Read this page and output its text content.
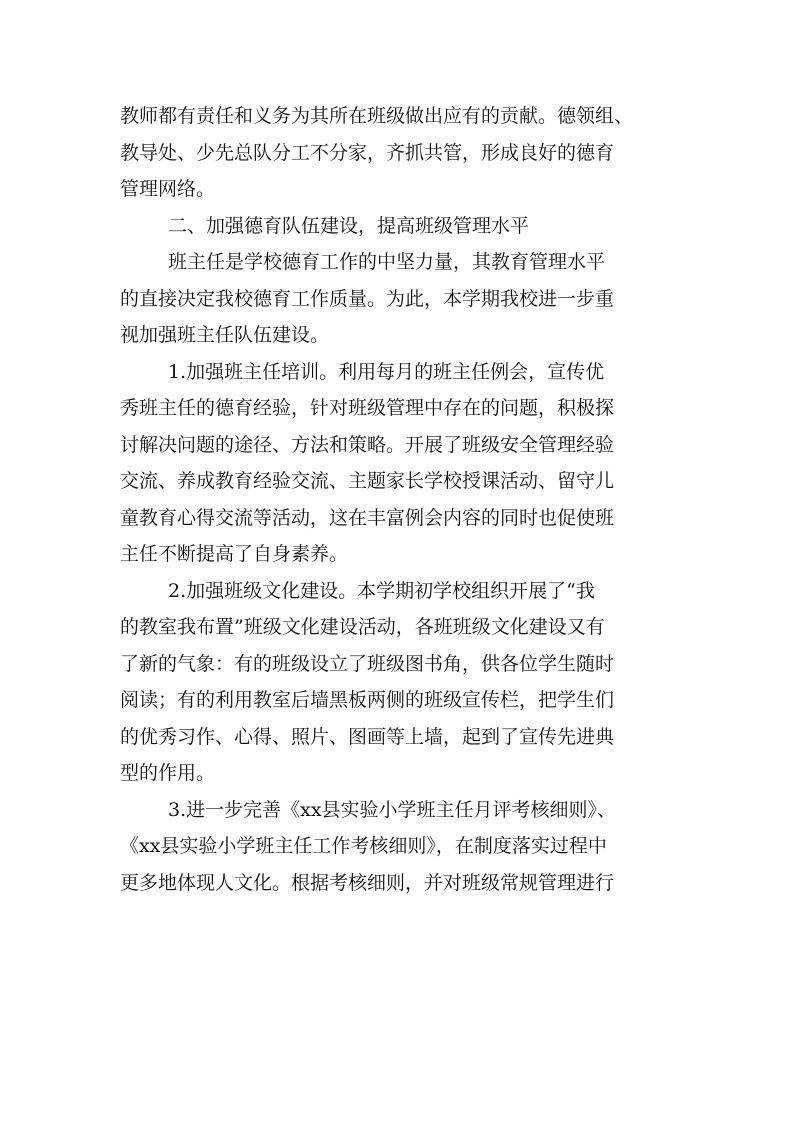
教师都有责任和义务为其所在班级做出应有的贡献。德领组、
教导处、少先总队分工不分家，齐抓共管，形成良好的德育
管理网络。
二、加强德育队伍建设，提高班级管理水平
班主任是学校德育工作的中坚力量，其教育管理水平
的直接决定我校德育工作质量。为此，本学期我校进一步重
视加强班主任队伍建设。
1.加强班主任培训。利用每月的班主任例会，宣传优
秀班主任的德育经验，针对班级管理中存在的问题，积极探
讨解决问题的途径、方法和策略。开展了班级安全管理经验
交流、养成教育经验交流、主题家长学校授课活动、留守儿
童教育心得交流等活动，这在丰富例会内容的同时也促使班
主任不断提高了自身素养。
2.加强班级文化建设。本学期初学校组织开展了“我
的教室我布置”班级文化建设活动，各班班级文化建设又有
了新的气象：有的班级设立了班级图书角，供各位学生随时
阅读；有的利用教室后墙黑板两侧的班级宣传栏，把学生们
的优秀习作、心得、照片、图画等上墙，起到了宣传先进典
型的作用。
3.进一步完善《xx县实验小学班主任月评考核细则》、
《xx县实验小学班主任工作考核细则》，在制度落实过程中
更多地体现人文化。根据考核细则，并对班级常规管理进行
